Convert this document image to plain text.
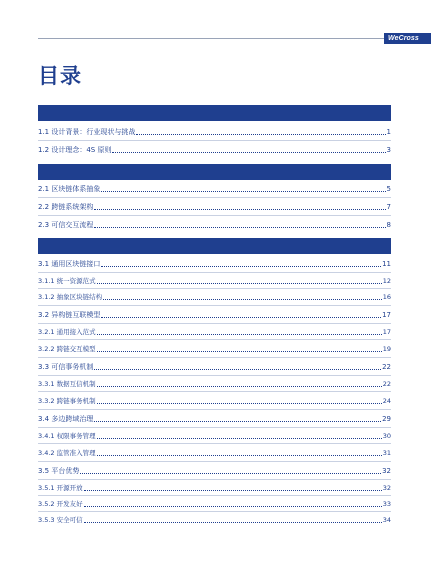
WeCross
目录
1.1 设计背景：行业现状与挑战	1
1.2 设计理念：4S 原则	3
2.1 区块链体系抽象	5
2.2 跨链系统架构	7
2.3 可信交互流程	8
3.1 通用区块链接口	11
3.1.1 统一资源范式	12
3.1.2 抽象区块链结构	16
3.2 异构链互联模型	17
3.2.1 通用接入范式	17
3.2.2 跨链交互模型	19
3.3 可信事务机制	22
3.3.1 数据互信机制	22
3.3.2 跨链事务机制	24
3.4 多边跨域治理	29
3.4.1 权限事务管理	30
3.4.2 监管准入管理	31
3.5 平台优势	32
3.5.1 开源开放	32
3.5.2 开发友好	33
3.5.3 安全可信	34
